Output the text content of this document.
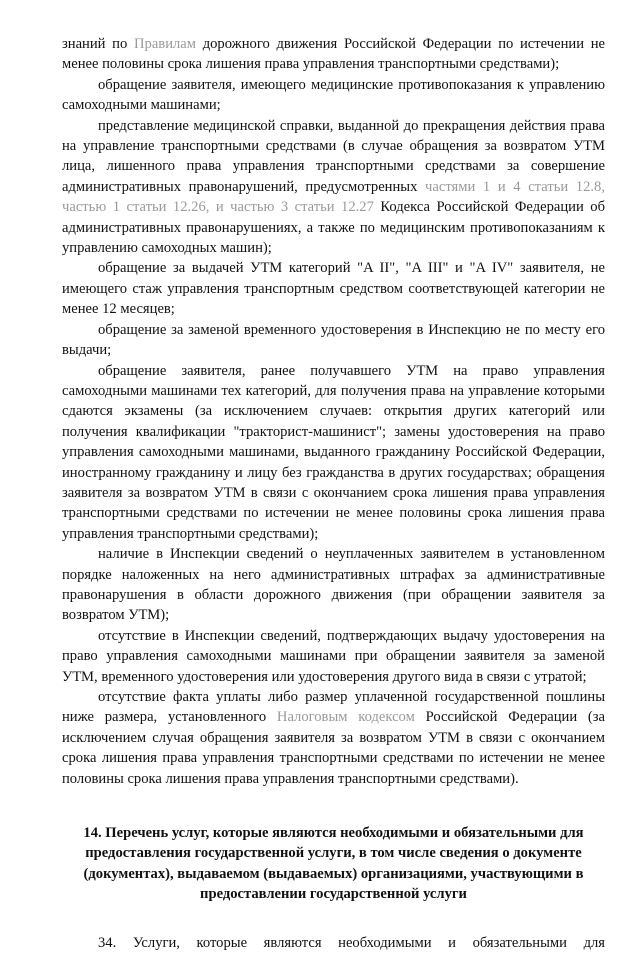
знаний по Правилам дорожного движения Российской Федерации по истечении не менее половины срока лишения права управления транспортными средствами);

обращение заявителя, имеющего медицинские противопоказания к управлению самоходными машинами;

представление медицинской справки, выданной до прекращения действия права на управление транспортными средствами (в случае обращения за возвратом УТМ лица, лишенного права управления транспортными средствами за совершение административных правонарушений, предусмотренных частями 1 и 4 статьи 12.8, частью 1 статьи 12.26, и частью 3 статьи 12.27 Кодекса Российской Федерации об административных правонарушениях, а также по медицинским противопоказаниям к управлению самоходных машин);

обращение за выдачей УТМ категорий "A II", "A III" и "A IV" заявителя, не имеющего стаж управления транспортным средством соответствующей категории не менее 12 месяцев;

обращение за заменой временного удостоверения в Инспекцию не по месту его выдачи;

обращение заявителя, ранее получавшего УТМ на право управления самоходными машинами тех категорий, для получения права на управление которыми сдаются экзамены (за исключением случаев: открытия других категорий или получения квалификации "тракторист-машинист"; замены удостоверения на право управления самоходными машинами, выданного гражданину Российской Федерации, иностранному гражданину и лицу без гражданства в других государствах; обращения заявителя за возвратом УТМ в связи с окончанием срока лишения права управления транспортными средствами по истечении не менее половины срока лишения права управления транспортными средствами);

наличие в Инспекции сведений о неуплаченных заявителем в установленном порядке наложенных на него административных штрафах за административные правонарушения в области дорожного движения (при обращении заявителя за возвратом УТМ);

отсутствие в Инспекции сведений, подтверждающих выдачу удостоверения на право управления самоходными машинами при обращении заявителя за заменой УТМ, временного удостоверения или удостоверения другого вида в связи с утратой;

отсутствие факта уплаты либо размер уплаченной государственной пошлины ниже размера, установленного Налоговым кодексом Российской Федерации (за исключением случая обращения заявителя за возвратом УТМ в связи с окончанием срока лишения права управления транспортными средствами по истечении не менее половины срока лишения права управления транспортными средствами).

14. Перечень услуг, которые являются необходимыми и обязательными для предоставления государственной услуги, в том числе сведения о документе (документах), выдаваемом (выдаваемых) организациями, участвующими в предоставлении государственной услуги

34. Услуги, которые являются необходимыми и обязательными для
